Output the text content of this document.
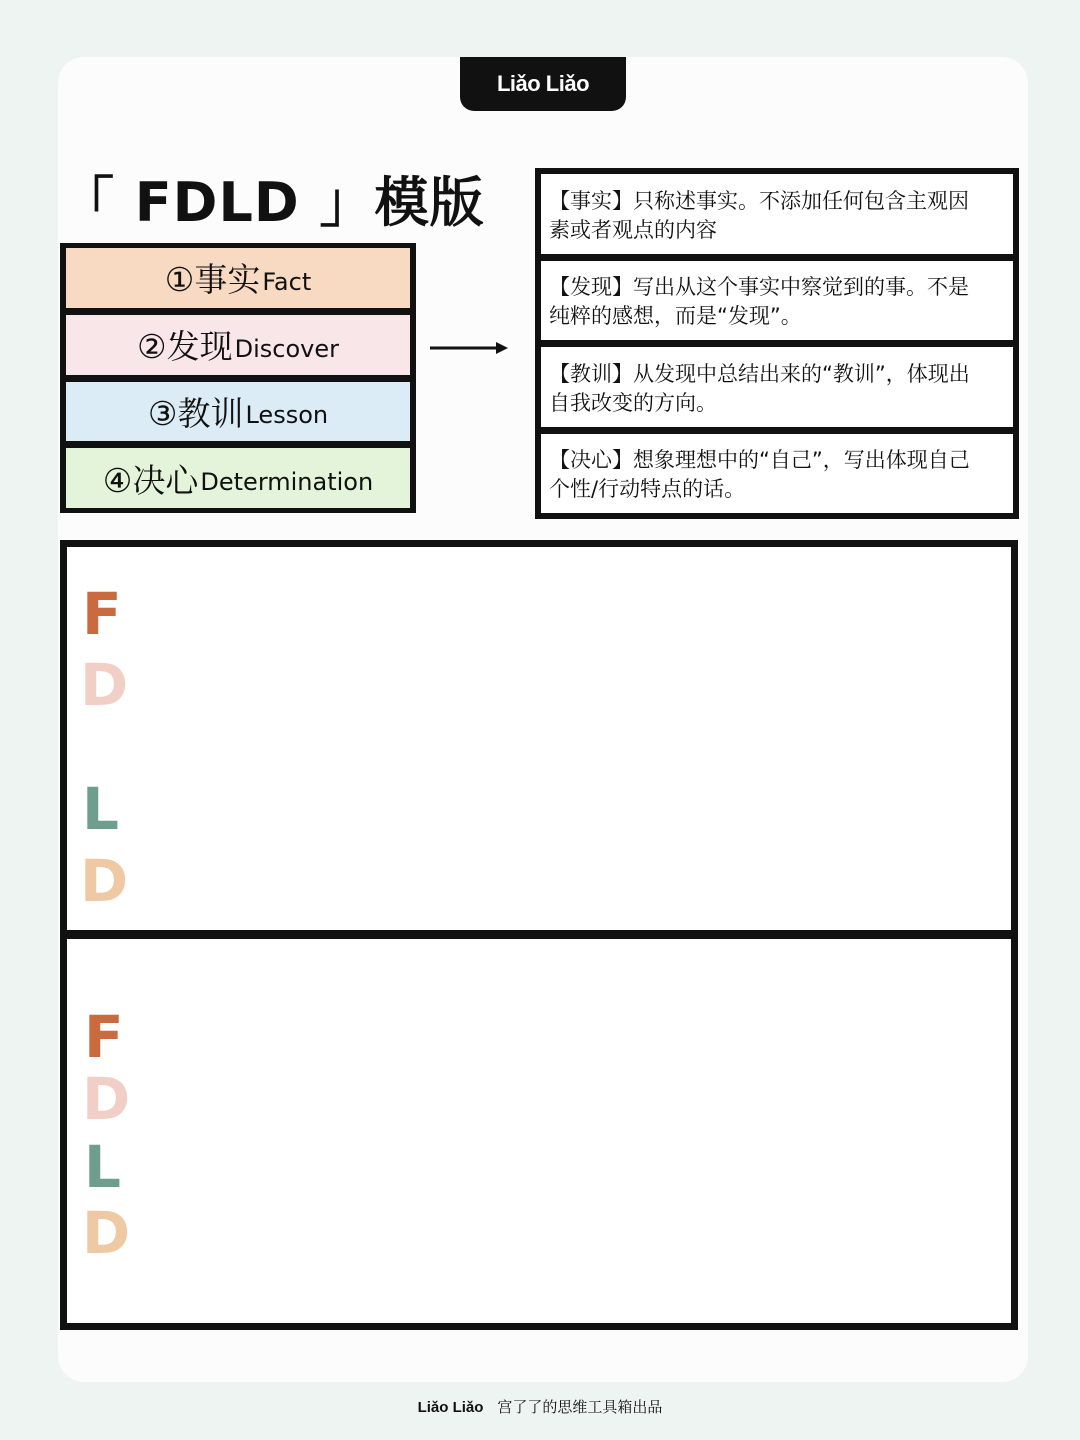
Liǎo Liǎo
「 FDLD 」模版
①事实 Fact
②发现 Discover
③教训 Lesson
④决心 Determination
【事实】只称述事实。不添加任何包含主观因素或者观点的内容
【发现】写出从这个事实中察觉到的事。不是纯粹的感想，而是“发现”。
【教训】从发现中总结出来的“教训”，体现出自我改变的方向。
【决心】想象理想中的“自己”，写出体现自己个性/行动特点的话。
F
D
L
D
F
D
L
D
Liǎo Liǎo 宫了了的思维工具箱出品
